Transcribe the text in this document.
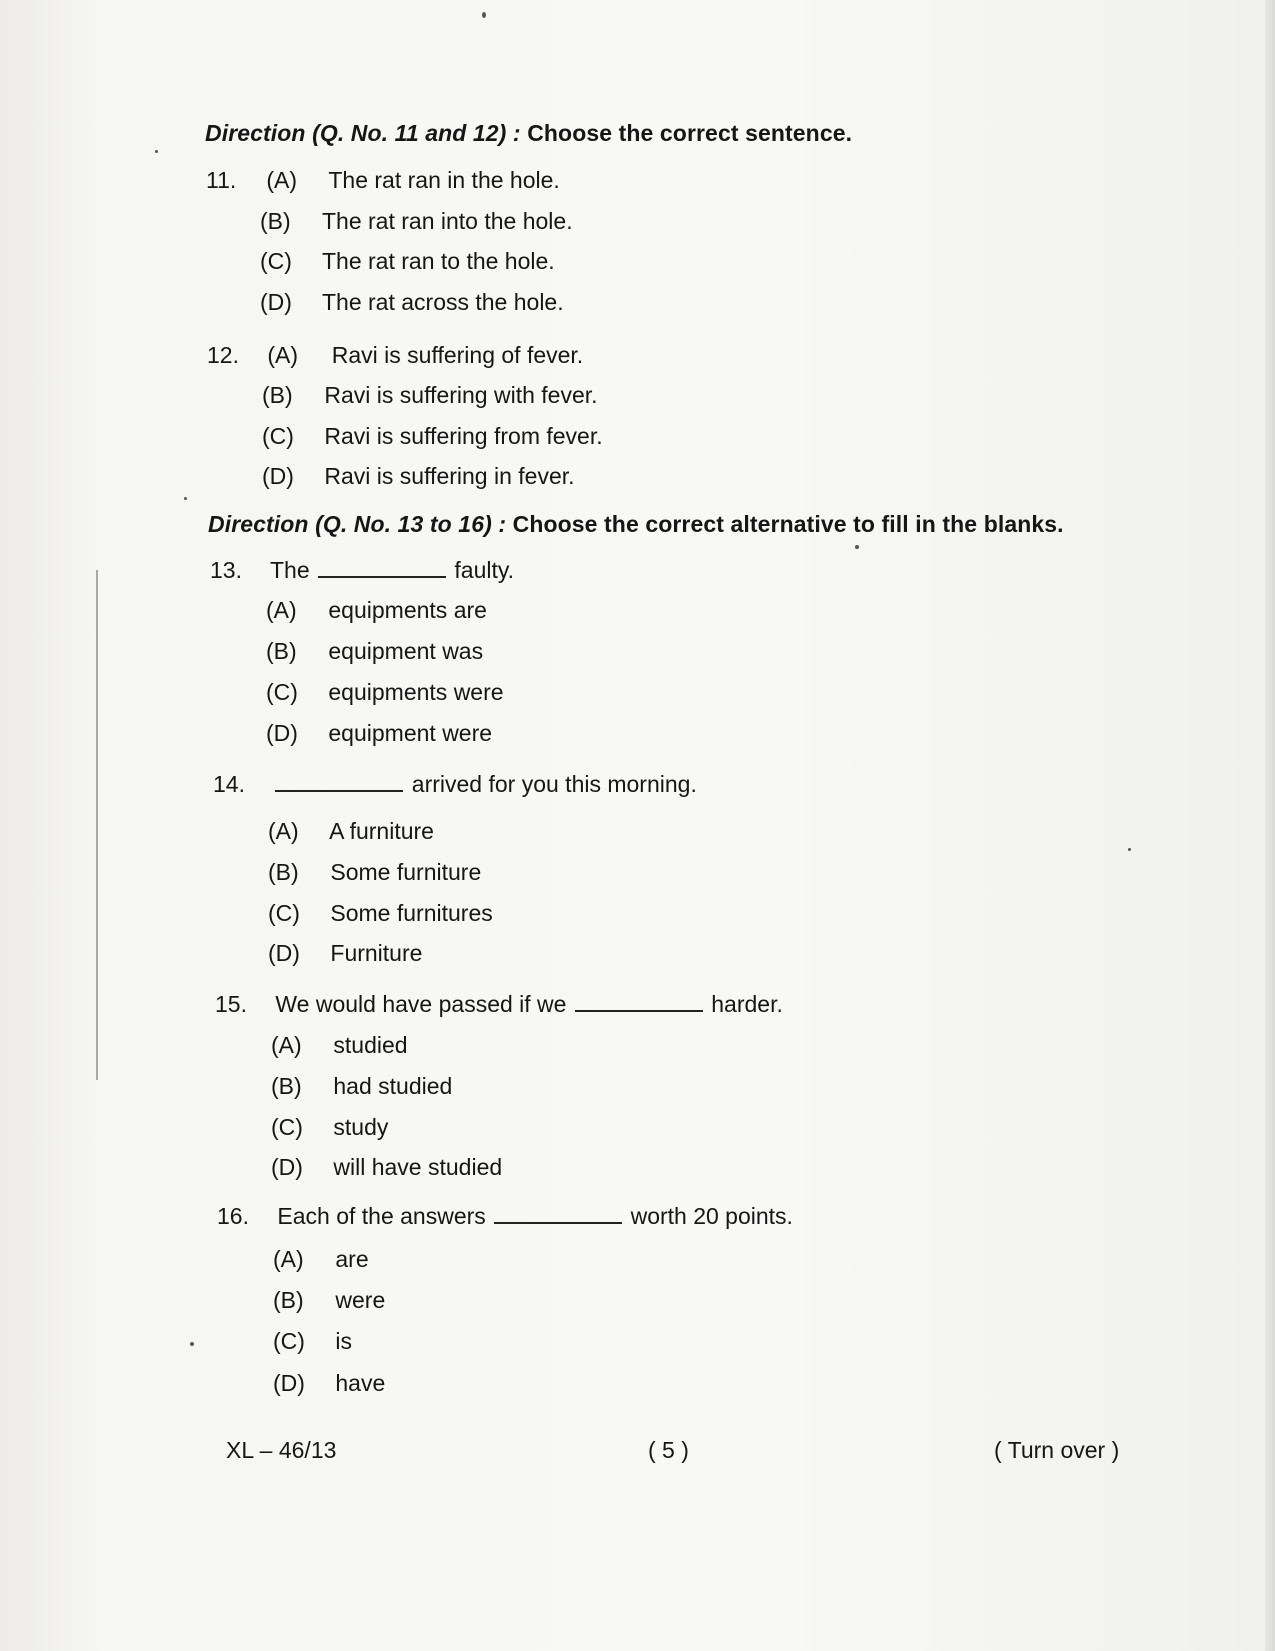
Direction (Q. No. 11 and 12) : Choose the correct sentence.
11. (A) The rat ran in the hole.
(B) The rat ran into the hole.
(C) The rat ran to the hole.
(D) The rat across the hole.
12. (A) Ravi is suffering of fever.
(B) Ravi is suffering with fever.
(C) Ravi is suffering from fever.
(D) Ravi is suffering in fever.
Direction (Q. No. 13 to 16) : Choose the correct alternative to fill in the blanks.
13. The	faulty.
(A) equipments are
(B) equipment was
(C) equipments were
(D) equipment were
14.	arrived for you this morning.
(A) A furniture
(B) Some furniture
(C) Some furnitures
(D) Furniture
15. We would have passed if we	harder.
(A) studied
(B) had studied
(C) study
(D) will have studied
16. Each of the answers	worth 20 points.
(A) are
(B) were
(C) is
(D) have
XL – 46/13	( 5 )	( Turn over )
